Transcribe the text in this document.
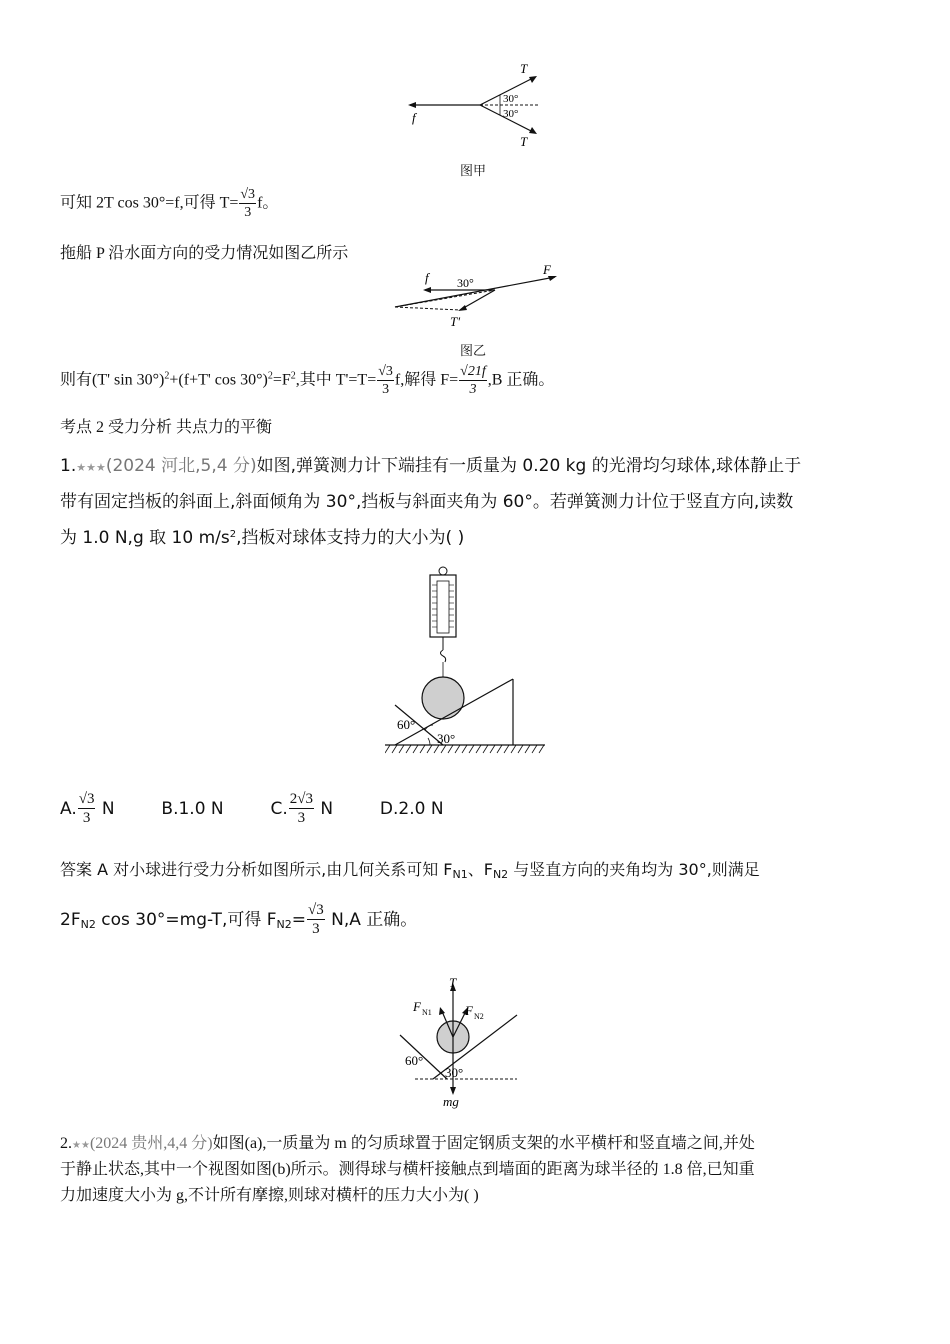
f
T
T
30°
30°
图甲
可知 2T cos 30°=f,可得 $T= \frac{√3}{3}$ f。
拖船 P 沿水面方向的受力情况如图乙所示
f 30°
F
T'
图乙
则有(T' sin 30°)$^2$+(f+T' $\cos 30^\circ)^2=F^2$,其中 $T'=T= \frac{√3}{3} f$,解得 $F= \frac{√21f}{3} ,B$ 正确。
考点 2 受力分析 共点力的平衡
1.★★★(2024 河北,5,4 分)如图,弹簧测力计下端挂有一质量为 0.20 kg 的光滑均匀球体,球体静止于
带有固定挡板的斜面上,斜面倾角为 30°,挡板与斜面夹角为 60°。若弹簧测力计位于竖直方向,读数
为 1.0 N,g 取 10 $m/s^2$,挡板对球体支持力的大小为( )
60°
30°
A. $\frac{√3}{3}$ N	B.1.0 N	C. $\frac{2√3}{3}$ N	D.2.0 N
答案 A 对小球进行受力分析如图所示,由几何关系可知 $F_{N1}$、$F_{N2}$ 与竖直方向的夹角均为 30°,则满足
$2F_{N2}$ cos 30°=mg-T,可得 $F_{N2}= \frac{√3}{3} N,A$ 正确。
T
F N1	F N2
60°
30°
mg
2.★★(2024 贵州,4,4 分)如图(a),一质量为 m 的匀质球置于固定钢质支架的水平横杆和竖直墙之间,并处
于静止状态,其中一个视图如图(b)所示。测得球与横杆接触点到墙面的距离为球半径的 1.8 倍,已知重
力加速度大小为 g,不计所有摩擦,则球对横杆的压力大小为( )
